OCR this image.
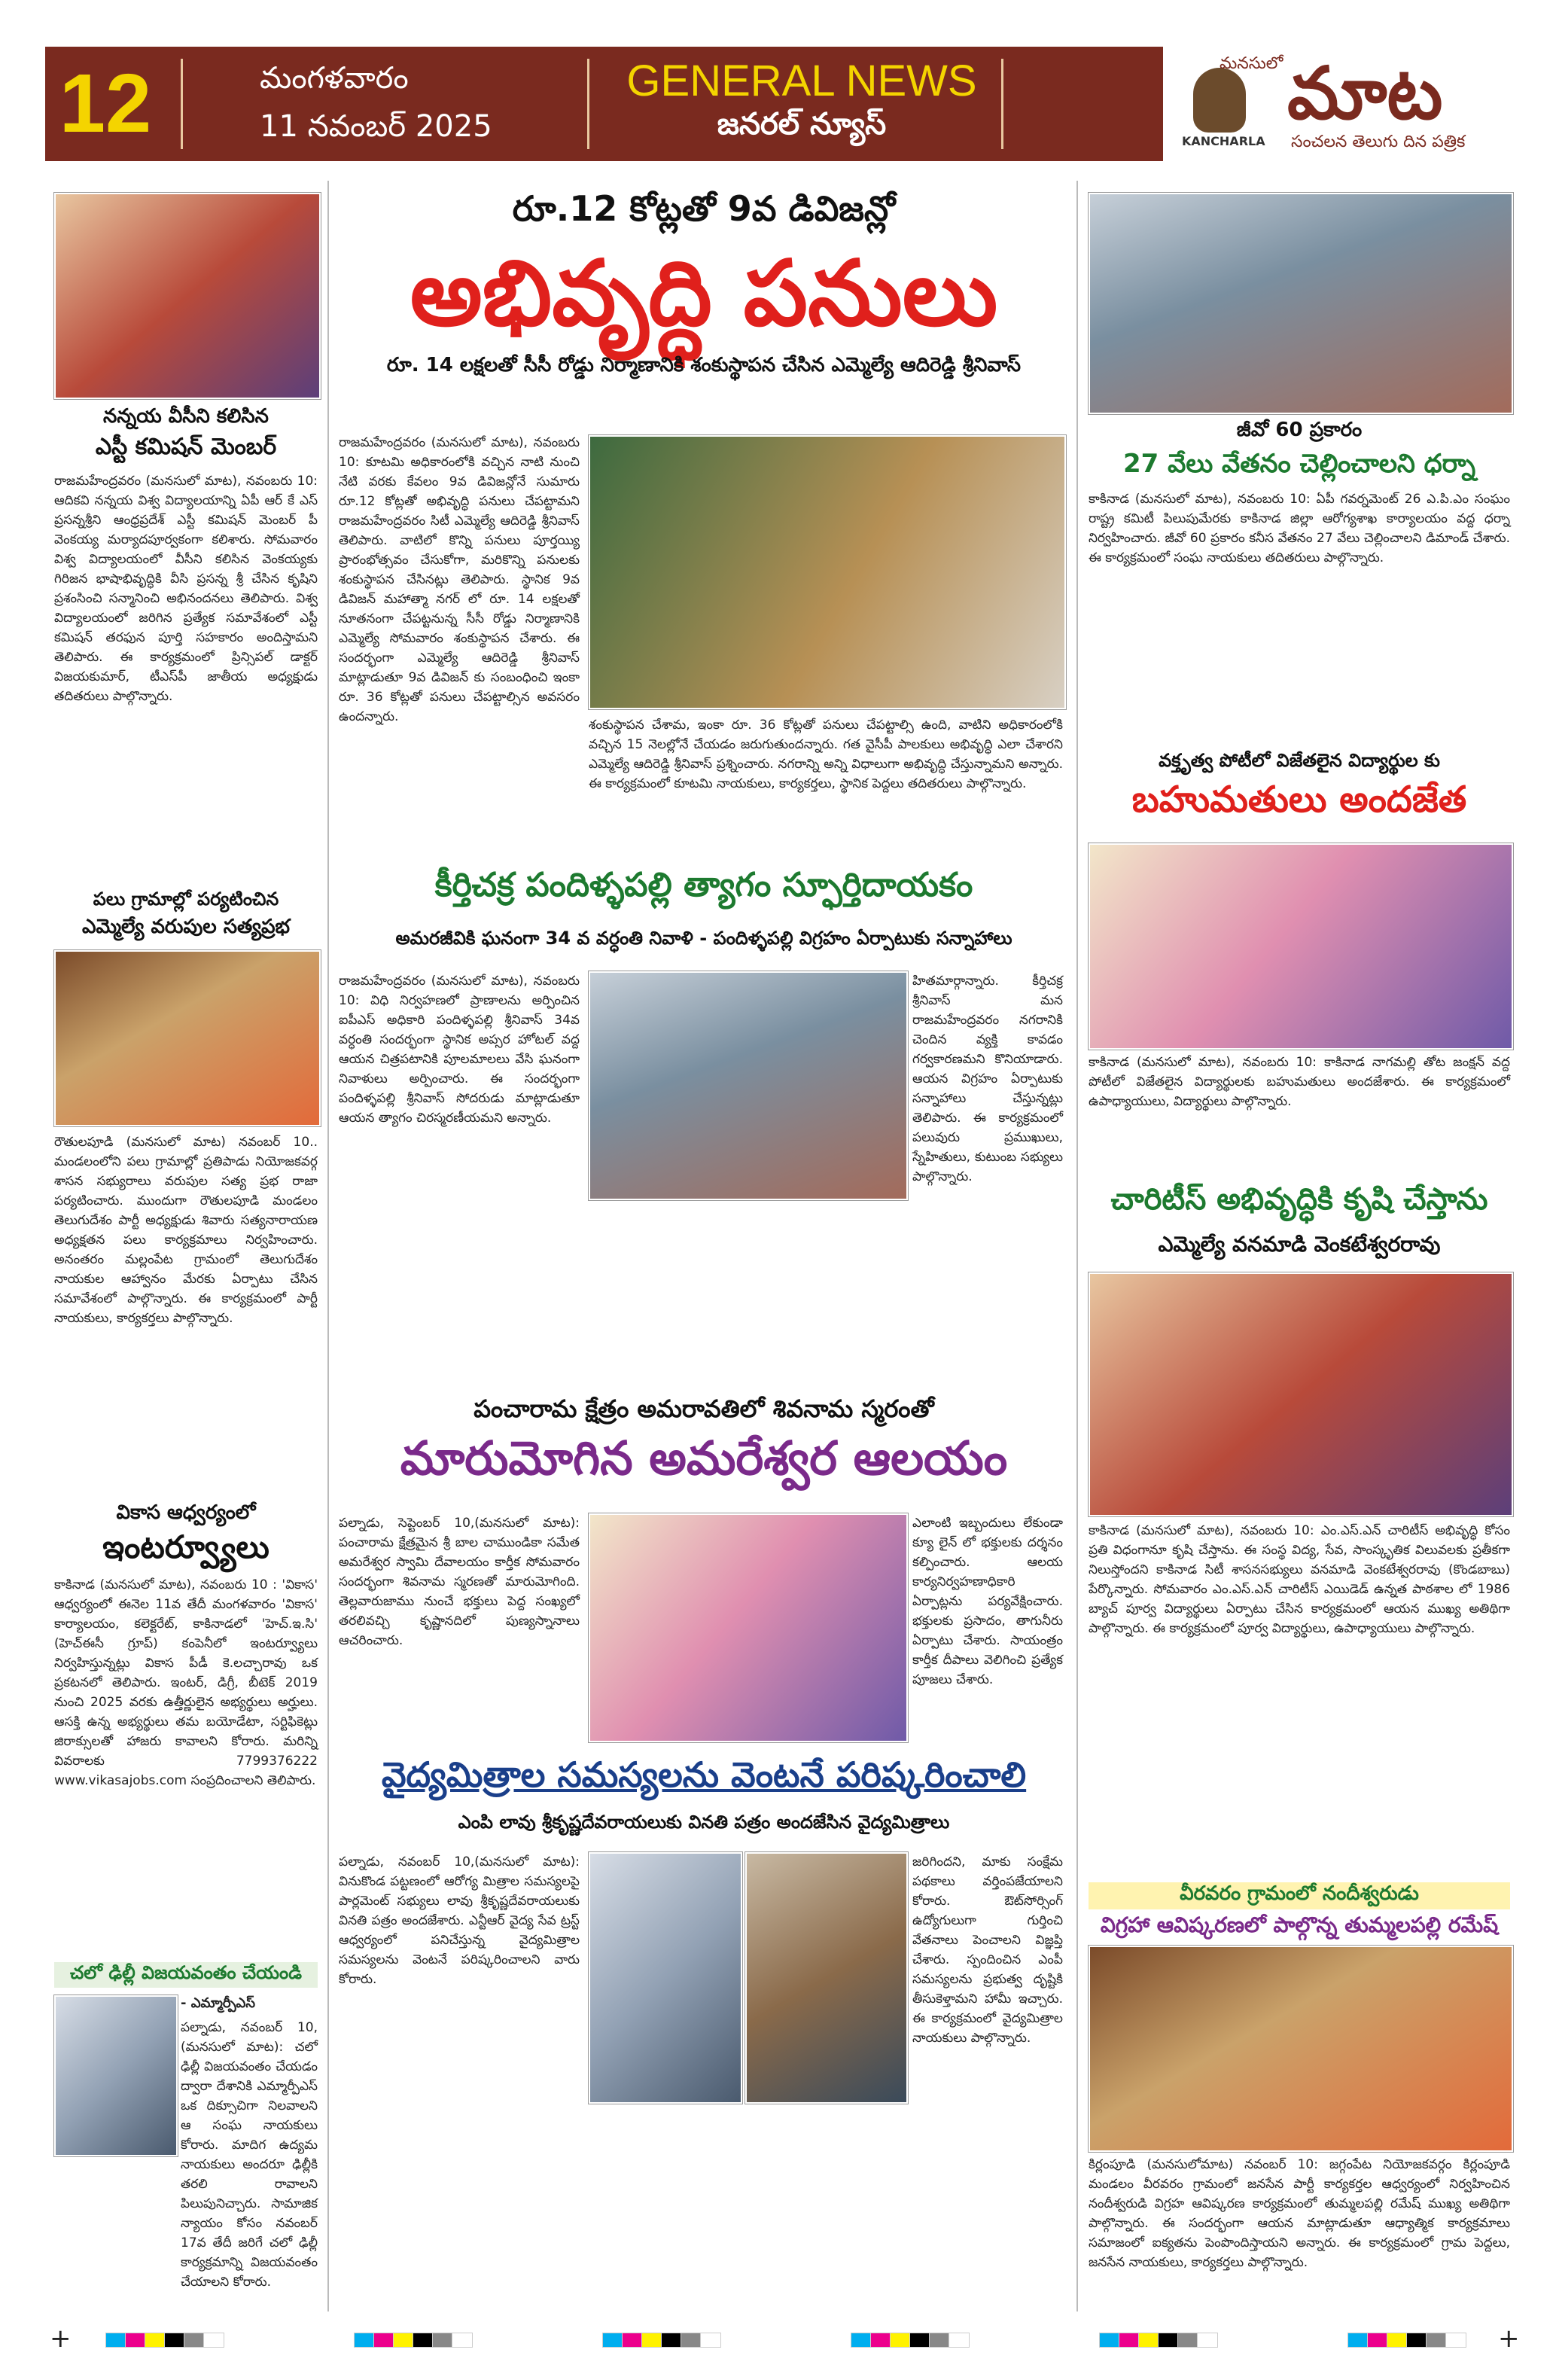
12	మంగళవారం
11 నవంబర్ 2025
GENERAL NEWS
జనరల్ న్యూస్
మనసులో మాట
KANCHARLA సంచలన తెలుగు దిన పత్రిక
నన్నయ వీసీని కలిసిన
ఎస్టీ కమిషన్ మెంబర్
రాజమహేంద్రవరం (మనసులో మాట), నవంబరు 10: ఆదికవి నన్నయ విశ్వ విద్యాలయాన్ని ఏపీ ఆర్ కే ఎస్ ప్రసన్నశ్రీని ఆంధ్రప్రదేశ్ ఎస్టీ కమిషన్ మెంబర్ పీ వెంకయ్య మర్యాదపూర్వకంగా కలిశారు. సోమవారం విశ్వ విద్యాలయంలో వీసీని కలిసిన వెంకయ్యకు గిరిజన భాషాభివృద్ధికి వీసి ప్రసన్న శ్రీ చేసిన కృషిని ప్రశంసించి సన్మానించి అభినందనలు తెలిపారు. విశ్వ విద్యాలయంలో జరిగిన ప్రత్యేక సమావేశంలో ఎస్టీ కమిషన్ తరఫున పూర్తి సహకారం అందిస్తామని తెలిపారు. ఈ కార్యక్రమంలో ప్రిన్సిపల్ డాక్టర్ విజయకుమార్, టీఎస్‌పీ జాతీయ అధ్యక్షుడు తదితరులు పాల్గొన్నారు.
పలు గ్రామాల్లో పర్యటించిన
ఎమ్మెల్యే వరుపుల సత్యప్రభ
రౌతులపూడి (మనసులో మాట) నవంబర్ 10.. మండలంలోని పలు గ్రామాల్లో ప్రతిపాడు నియోజకవర్గ శాసన సభ్యురాలు వరుపుల సత్య ప్రభ రాజా పర్యటించారు. ముందుగా రౌతులపూడి మండలం తెలుగుదేశం పార్టీ అధ్యక్షుడు శివారు సత్యనారాయణ అధ్యక్షతన పలు కార్యక్రమాలు నిర్వహించారు. అనంతరం మల్లంపేట గ్రామంలో తెలుగుదేశం నాయకుల ఆహ్వానం మేరకు ఏర్పాటు చేసిన సమావేశంలో పాల్గొన్నారు. ఈ కార్యక్రమంలో పార్టీ నాయకులు, కార్యకర్తలు పాల్గొన్నారు.
వికాస ఆధ్వర్యంలో
ఇంటర్వ్యూలు
కాకినాడ (మనసులో మాట), నవంబరు 10 : 'వికాస' ఆధ్వర్యంలో ఈనెల 11వ తేదీ మంగళవారం 'వికాస' కార్యాలయం, కలెక్టరేట్, కాకినాడలో 'హెచ్.ఇ.సి' (హెచ్ఈసీ గ్రూప్) కంపెనీలో ఇంటర్వ్యూలు నిర్వహిస్తున్నట్లు వికాస పీడీ కె.లచ్చారావు ఒక ప్రకటనలో తెలిపారు. ఇంటర్, డిగ్రీ, బీటెక్ 2019 నుంచి 2025 వరకు ఉత్తీర్ణులైన అభ్యర్థులు అర్హులు. ఆసక్తి ఉన్న అభ్యర్థులు తమ బయోడేటా, సర్టిఫికెట్లు జిరాక్సులతో హాజరు కావాలని కోరారు. మరిన్ని వివరాలకు 7799376222 www.vikasajobs.com సంప్రదించాలని తెలిపారు.
చలో ఢిల్లీ విజయవంతం చేయండి
- ఎమ్మార్పీఎస్
పల్నాడు, నవంబర్ 10,(మనసులో మాట): చలో ఢిల్లీ విజయవంతం చేయడం ద్వారా దేశానికి ఎమ్మార్పీఎస్ ఒక దిక్సూచిగా నిలవాలని ఆ సంఘ నాయకులు కోరారు. మాదిగ ఉద్యమ నాయకులు అందరూ ఢిల్లీకి తరలి రావాలని పిలుపునిచ్చారు. సామాజిక న్యాయం కోసం నవంబర్ 17వ తేదీ జరిగే చలో ఢిల్లీ కార్యక్రమాన్ని విజయవంతం చేయాలని కోరారు.
రూ.12 కోట్లతో 9వ డివిజన్లో
అభివృద్ధి పనులు
రూ. 14 లక్షలతో సీసీ రోడ్డు నిర్మాణానికి శంకుస్థాపన చేసిన ఎమ్మెల్యే ఆదిరెడ్డి శ్రీనివాస్
రాజమహేంద్రవరం (మనసులో మాట), నవంబరు 10: కూటమి అధికారంలోకి వచ్చిన నాటి నుంచి నేటి వరకు కేవలం 9వ డివిజన్లోనే సుమారు రూ.12 కోట్లతో అభివృద్ధి పనులు చేపట్టామని రాజమహేంద్రవరం సిటీ ఎమ్మెల్యే ఆదిరెడ్డి శ్రీనివాస్ తెలిపారు. వాటిలో కొన్ని పనులు పూర్తయ్యి ప్రారంభోత్సవం చేసుకోగా, మరికొన్ని పనులకు శంకుస్థాపన చేసినట్లు తెలిపారు. స్థానిక 9వ డివిజన్ మహాత్మా నగర్ లో రూ. 14 లక్షలతో నూతనంగా చేపట్టనున్న సీసీ రోడ్డు నిర్మాణానికి ఎమ్మెల్యే సోమవారం శంకుస్థాపన చేశారు. ఈ సందర్భంగా ఎమ్మెల్యే ఆదిరెడ్డి శ్రీనివాస్ మాట్లాడుతూ 9వ డివిజన్ కు సంబంధించి ఇంకా రూ. 36 కోట్లతో పనులు చేపట్టాల్సిన అవసరం ఉందన్నారు.
శంకుస్థాపన చేశామ, ఇంకా రూ. 36 కోట్లతో పనులు చేపట్టాల్సి ఉంది, వాటిని అధికారంలోకి వచ్చిన 15 నెలల్లోనే చేయడం జరుగుతుందన్నారు. గత వైసీపీ పాలకులు అభివృద్ధి ఎలా చేశారని ఎమ్మెల్యే ఆదిరెడ్డి శ్రీనివాస్ ప్రశ్నించారు. నగరాన్ని అన్ని విధాలుగా అభివృద్ధి చేస్తున్నామని అన్నారు. ఈ కార్యక్రమంలో కూటమి నాయకులు, కార్యకర్తలు, స్థానిక పెద్దలు తదితరులు పాల్గొన్నారు.
కీర్తిచక్ర పందిళ్ళపల్లి త్యాగం స్ఫూర్తిదాయకం
అమరజీవికి ఘనంగా 34 వ వర్ధంతి నివాళి - పందిళ్ళపల్లి విగ్రహం ఏర్పాటుకు సన్నాహాలు
రాజమహేంద్రవరం (మనసులో మాట), నవంబరు 10: విధి నిర్వహణలో ప్రాణాలను అర్పించిన ఐపీఎస్ అధికారి పందిళ్ళపల్లి శ్రీనివాస్ 34వ వర్ధంతి సందర్భంగా స్థానిక అప్సర హోటల్ వద్ద ఆయన చిత్రపటానికి పూలమాలలు వేసి ఘనంగా నివాళులు అర్పించారు. ఈ సందర్భంగా పందిళ్ళపల్లి శ్రీనివాస్ సోదరుడు మాట్లాడుతూ ఆయన త్యాగం చిరస్మరణీయమని అన్నారు.
హితమార్గాన్నారు. కీర్తిచక్ర శ్రీనివాస్ మన రాజమహేంద్రవరం నగరానికి చెందిన వ్యక్తి కావడం గర్వకారణమని కొనియాడారు. ఆయన విగ్రహం ఏర్పాటుకు సన్నాహాలు చేస్తున్నట్లు తెలిపారు. ఈ కార్యక్రమంలో పలువురు ప్రముఖులు, స్నేహితులు, కుటుంబ సభ్యులు పాల్గొన్నారు.
పంచారామ క్షేత్రం అమరావతిలో శివనామ స్మరంతో
మారుమోగిన అమరేశ్వర ఆలయం
పల్నాడు, సెప్టెంబర్ 10,(మనసులో మాట): పంచారామ క్షేత్రమైన శ్రీ బాల చాముండికా సమేత అమరేశ్వర స్వామి దేవాలయం కార్తీక సోమవారం సందర్భంగా శివనామ స్మరణతో మారుమోగింది. తెల్లవారుజాము నుంచే భక్తులు పెద్ద సంఖ్యలో తరలివచ్చి కృష్ణానదిలో పుణ్యస్నానాలు ఆచరించారు.
ఎలాంటి ఇబ్బందులు లేకుండా క్యూ లైన్ లో భక్తులకు దర్శనం కల్పించారు. ఆలయ కార్యనిర్వహణాధికారి ఏర్పాట్లను పర్యవేక్షించారు. భక్తులకు ప్రసాదం, తాగునీరు ఏర్పాటు చేశారు. సాయంత్రం కార్తీక దీపాలు వెలిగించి ప్రత్యేక పూజలు చేశారు.
వైద్యమిత్రాల సమస్యలను వెంటనే పరిష్కరించాలి
ఎంపి లావు శ్రీకృష్ణదేవరాయలుకు వినతి పత్రం అందజేసిన వైద్యమిత్రాలు
పల్నాడు, నవంబర్ 10,(మనసులో మాట): వినుకొండ పట్టణంలో ఆరోగ్య మిత్రాల సమస్యలపై పార్లమెంట్ సభ్యులు లావు శ్రీకృష్ణదేవరాయలుకు వినతి పత్రం అందజేశారు. ఎన్టీఆర్ వైద్య సేవ ట్రస్ట్ ఆధ్వర్యంలో పనిచేస్తున్న వైద్యమిత్రాల సమస్యలను వెంటనే పరిష్కరించాలని వారు కోరారు.
జరిగిందని, మాకు సంక్షేమ పథకాలు వర్తింపజేయాలని కోరారు. ఔట్‌సోర్సింగ్ ఉద్యోగులుగా గుర్తించి వేతనాలు పెంచాలని విజ్ఞప్తి చేశారు. స్పందించిన ఎంపీ సమస్యలను ప్రభుత్వ దృష్టికి తీసుకెళ్తామని హామీ ఇచ్చారు. ఈ కార్యక్రమంలో వైద్యమిత్రాల నాయకులు పాల్గొన్నారు.
జీవో 60 ప్రకారం
27 వేలు వేతనం చెల్లించాలని ధర్నా
కాకినాడ (మనసులో మాట), నవంబరు 10: ఏపీ గవర్నమెంట్ 26 ఎ.పి.ఎం సంఘం రాష్ట్ర కమిటీ పిలుపుమేరకు కాకినాడ జిల్లా ఆరోగ్యశాఖ కార్యాలయం వద్ద ధర్నా నిర్వహించారు. జీవో 60 ప్రకారం కనీస వేతనం 27 వేలు చెల్లించాలని డిమాండ్ చేశారు. ఈ కార్యక్రమంలో సంఘ నాయకులు తదితరులు పాల్గొన్నారు.
వక్తృత్వ పోటీలో విజేతలైన విద్యార్థుల కు
బహుమతులు అందజేత
కాకినాడ (మనసులో మాట), నవంబరు 10: కాకినాడ నాగమల్లి తోట జంక్షన్ వద్ద పోటీలో విజేతలైన విద్యార్థులకు బహుమతులు అందజేశారు. ఈ కార్యక్రమంలో ఉపాధ్యాయులు, విద్యార్థులు పాల్గొన్నారు.
చారిటీస్ అభివృద్ధికి కృషి చేస్తాను
ఎమ్మెల్యే వనమాడి వెంకటేశ్వరరావు
కాకినాడ (మనసులో మాట), నవంబరు 10: ఎం.ఎస్.ఎన్ చారిటీస్ అభివృద్ధి కోసం ప్రతి విధంగానూ కృషి చేస్తాను. ఈ సంస్థ విద్య, సేవ, సాంస్కృతిక విలువలకు ప్రతీకగా నిలుస్తోందని కాకినాడ సిటీ శాసనసభ్యులు వనమాడి వెంకటేశ్వరరావు (కొండబాబు) పేర్కొన్నారు. సోమవారం ఎం.ఎస్.ఎన్ చారిటీస్ ఎయిడెడ్ ఉన్నత పాఠశాల లో 1986 బ్యాచ్ పూర్వ విద్యార్థులు ఏర్పాటు చేసిన కార్యక్రమంలో ఆయన ముఖ్య అతిథిగా పాల్గొన్నారు. ఈ కార్యక్రమంలో పూర్వ విద్యార్థులు, ఉపాధ్యాయులు పాల్గొన్నారు.
వీరవరం గ్రామంలో నందీశ్వరుడు
విగ్రహా ఆవిష్కరణలో పాల్గొన్న తుమ్మలపల్లి రమేష్
కిర్లంపూడి (మనసులోమాట) నవంబర్ 10: జగ్గంపేట నియోజకవర్గం కిర్లంపూడి మండలం వీరవరం గ్రామంలో జనసేన పార్టీ కార్యకర్తల ఆధ్వర్యంలో నిర్వహించిన నందీశ్వరుడి విగ్రహ ఆవిష్కరణ కార్యక్రమంలో తుమ్మలపల్లి రమేష్ ముఖ్య అతిథిగా పాల్గొన్నారు. ఈ సందర్భంగా ఆయన మాట్లాడుతూ ఆధ్యాత్మిక కార్యక్రమాలు సమాజంలో ఐక్యతను పెంపొందిస్తాయని అన్నారు. ఈ కార్యక్రమంలో గ్రామ పెద్దలు, జనసేన నాయకులు, కార్యకర్తలు పాల్గొన్నారు.
+	+
